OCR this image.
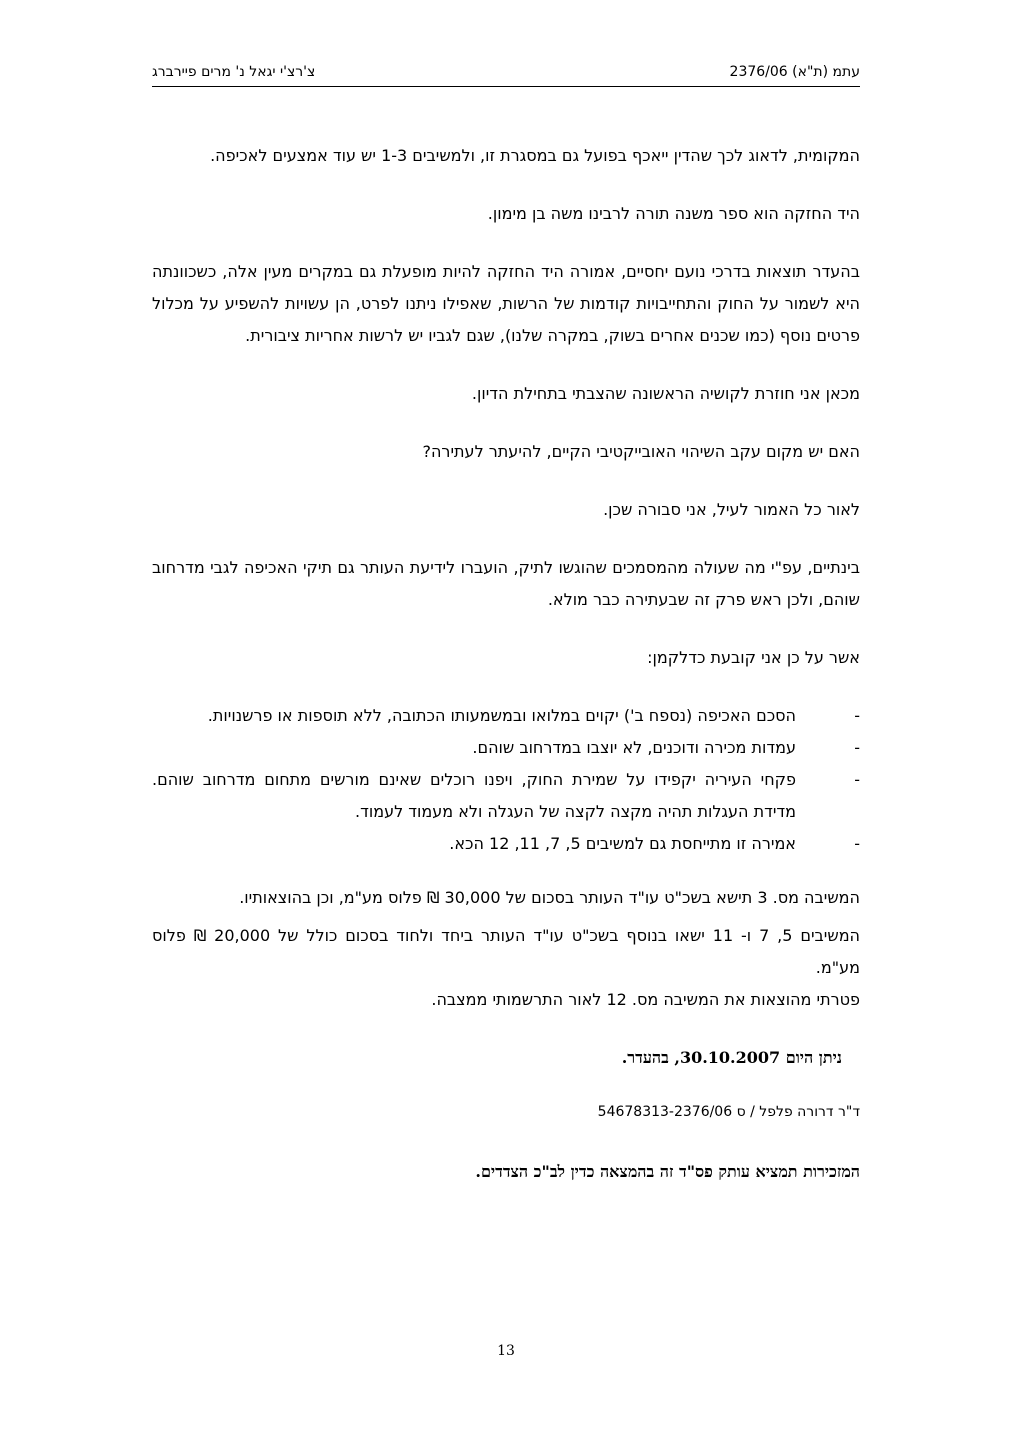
עתמ (ת"א) 2376/06
צ'רצ'י יגאל נ' מרים פיירברג

המקומית, לדאוג לכך שהדין ייאכף בפועל גם במסגרת זו, ולמשיבים 1-3 יש עוד אמצעים לאכיפה.

היד החזקה הוא ספר משנה תורה לרבינו משה בן מימון.

בהעדר תוצאות בדרכי נועם יחסיים, אמורה היד החזקה להיות מופעלת גם במקרים מעין אלה, כשכוונתה היא לשמור על החוק והתחייבויות קודמות של הרשות, שאפילו ניתנו לפרט, הן עשויות להשפיע על מכלול פרטים נוסף (כמו שכנים אחרים בשוק, במקרה שלנו), שגם לגביו יש לרשות אחריות ציבורית.

מכאן אני חוזרת לקושיה הראשונה שהצבתי בתחילת הדיון.

האם יש מקום עקב השיהוי האובייקטיבי הקיים, להיעתר לעתירה?

לאור כל האמור לעיל, אני סבורה שכן.

בינתיים, עפ"י מה שעולה מהמסמכים שהוגשו לתיק, הועברו לידיעת העותר גם תיקי האכיפה לגבי מדרחוב שוהם, ולכן ראש פרק זה שבעתירה כבר מולא.

אשר על כן אני קובעת כדלקמן:

-
הסכם האכיפה (נספח ב') יקוים במלואו ובמשמעותו הכתובה, ללא תוספות או פרשנויות.
-
עמדות מכירה ודוכנים, לא יוצבו במדרחוב שוהם.
-
פקחי העיריה יקפידו על שמירת החוק, ויפנו רוכלים שאינם מורשים מתחום מדרחוב שוהם. מדידת העגלות תהיה מקצה לקצה של העגלה ולא מעמוד לעמוד.
-
אמירה זו מתייחסת גם למשיבים 5, 7, 11, 12 הכא.

המשיבה מס. 3 תישא בשכ"ט עו"ד העותר בסכום של 30,000 ₪ פלוס מע"מ, וכן בהוצאותיו.

המשיבים 5, 7 ו- 11 ישאו בנוסף בשכ"ט עו"ד העותר ביחד ולחוד בסכום כולל של 20,000 ₪ פלוס מע"מ.

פטרתי מהוצאות את המשיבה מס. 12 לאור התרשמותי ממצבה.

ניתן היום 30.10.2007, בהעדר.
ד"ר דרורה פלפל / ס 54678313-2376/06
המזכירות תמציא עותק פס"ד זה בהמצאה כדין לב"כ הצדדים.
13
